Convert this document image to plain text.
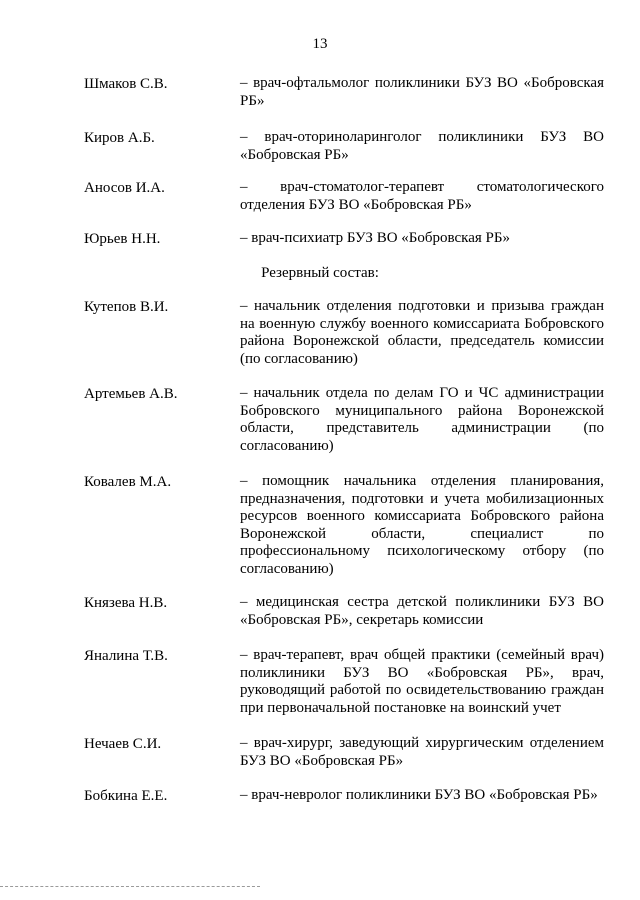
13
Шмаков С.В.	– врач-офтальмолог поликлиники БУЗ ВО «Бобровская РБ»
Киров А.Б.	– врач-оториноларинголог поликлиники БУЗ ВО «Бобровская РБ»
Аносов И.А.	– врач-стоматолог-терапевт стоматологического отделения БУЗ ВО «Бобровская РБ»
Юрьев Н.Н.	– врач-психиатр БУЗ ВО «Бобровская РБ»
Резервный состав:
Кутепов В.И.	– начальник отделения подготовки и призыва граждан на военную службу военного комиссариата Бобровского района Воронежской области, председатель комиссии (по согласованию)
Артемьев А.В.	– начальник отдела по делам ГО и ЧС администрации Бобровского муниципального района Воронежской области, представитель администрации (по согласованию)
Ковалев М.А.	– помощник начальника отделения планирования, предназначения, подготовки и учета мобилизационных ресурсов военного комиссариата Бобровского района Воронежской области, специалист по профессиональному психологическому отбору (по согласованию)
Князева Н.В.	– медицинская сестра детской поликлиники БУЗ ВО «Бобровская РБ», секретарь комиссии
Яналина Т.В.	– врач-терапевт, врач общей практики (семейный врач) поликлиники БУЗ ВО «Бобровская РБ», врач, руководящий работой по освидетельствованию граждан при первоначальной постановке на воинский учет
Нечаев С.И.	– врач-хирург, заведующий хирургическим отделением БУЗ ВО «Бобровская РБ»
Бобкина Е.Е.	– врач-невролог поликлиники БУЗ ВО «Бобровская РБ»
